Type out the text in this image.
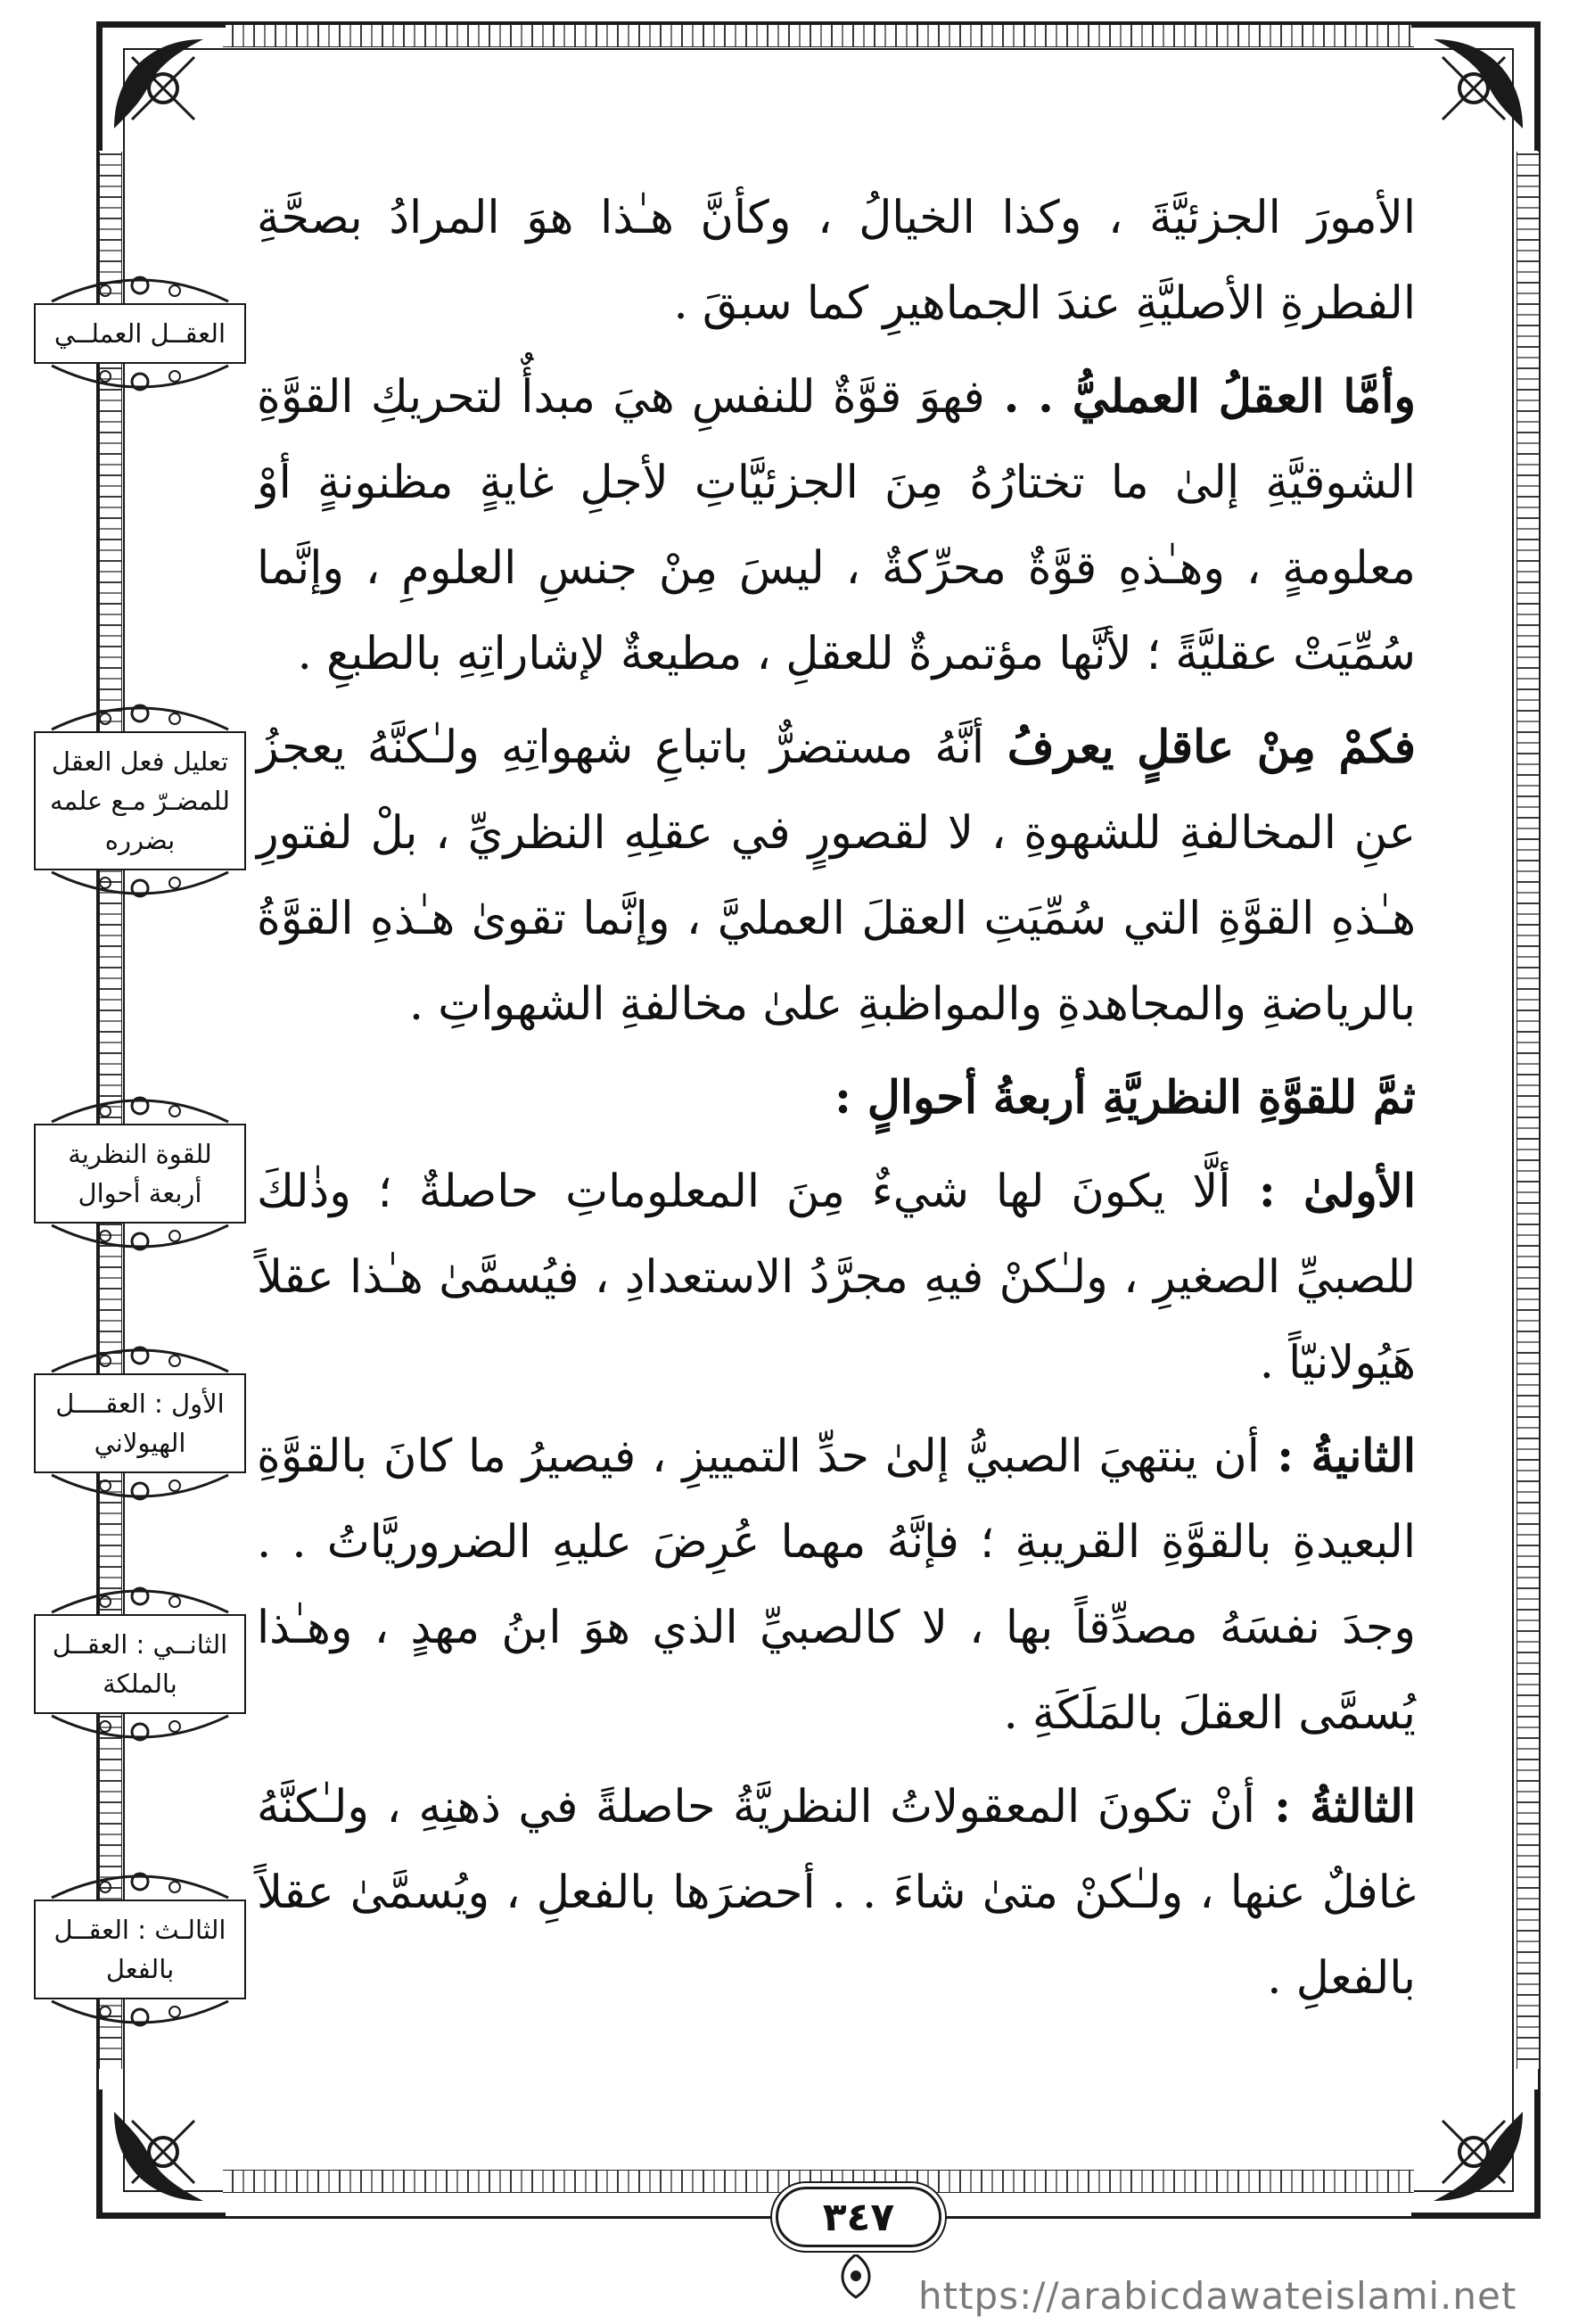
الأمورَ الجزئيَّةَ ، وكذا الخيالُ ، وكأنَّ هـٰذا هوَ المرادُ بصحَّةِ الفطرةِ الأصليَّةِ عندَ الجماهيرِ كما سبقَ .

وأمَّا العقلُ العمليُّ . . فهوَ قوَّةٌ للنفسِ هيَ مبدأٌ لتحريكِ القوَّةِ الشوقيَّةِ إلىٰ ما تختارُهُ مِنَ الجزئيَّاتِ لأجلِ غايةٍ مظنونةٍ أوْ معلومةٍ ، وهـٰذهِ قوَّةٌ محرِّكةٌ ، ليسَ مِنْ جنسِ العلومِ ، وإنَّما سُمِّيَتْ عقليَّةً ؛ لأنَّها مؤتمرةٌ للعقلِ ، مطيعةٌ لإشاراتِهِ بالطبعِ .

فكمْ مِنْ عاقلٍ يعرفُ أنَّهُ مستضرٌّ باتباعِ شهواتِهِ ولـٰكنَّهُ يعجزُ عنِ المخالفةِ للشهوةِ ، لا لقصورٍ في عقلِهِ النظريِّ ، بلْ لفتورِ هـٰذهِ القوَّةِ التي سُمِّيَتِ العقلَ العمليَّ ، وإنَّما تقوىٰ هـٰذهِ القوَّةُ بالرياضةِ والمجاهدةِ والمواظبةِ علىٰ مخالفةِ الشهواتِ .

ثمَّ للقوَّةِ النظريَّةِ أربعةُ أحوالٍ :

الأولىٰ : ألَّا يكونَ لها شيءٌ مِنَ المعلوماتِ حاصلةٌ ؛ وذٰلكَ للصبيِّ الصغيرِ ، ولـٰكنْ فيهِ مجرَّدُ الاستعدادِ ، فيُسمَّىٰ هـٰذا عقلاً هَيُولانيّاً .

الثانيةُ : أن ينتهيَ الصبيُّ إلىٰ حدِّ التمييزِ ، فيصيرُ ما كانَ بالقوَّةِ البعيدةِ بالقوَّةِ القريبةِ ؛ فإنَّهُ مهما عُرِضَ عليهِ الضروريَّاتُ . . وجدَ نفسَهُ مصدِّقاً بها ، لا كالصبيِّ الذي هوَ ابنُ مهدٍ ، وهـٰذا يُسمَّى العقلَ بالمَلَكَةِ .

الثالثةُ : أنْ تكونَ المعقولاتُ النظريَّةُ حاصلةً في ذهنِهِ ، ولـٰكنَّهُ غافلٌ عنها ، ولـٰكنْ متىٰ شاءَ . . أحضرَها بالفعلِ ، ويُسمَّىٰ عقلاً بالفعلِ .

العقــل العملــي
تعليل فعل العقل للمضـرّ مـع علمه بضرره
للقوة النظرية أربعة أحوال
الأول : العقــــل الهيولاني
الثانــي : العقــل بالملكة
الثالـث : العقــل بالفعل
٣٤٧
https://arabicdawateislami.net
